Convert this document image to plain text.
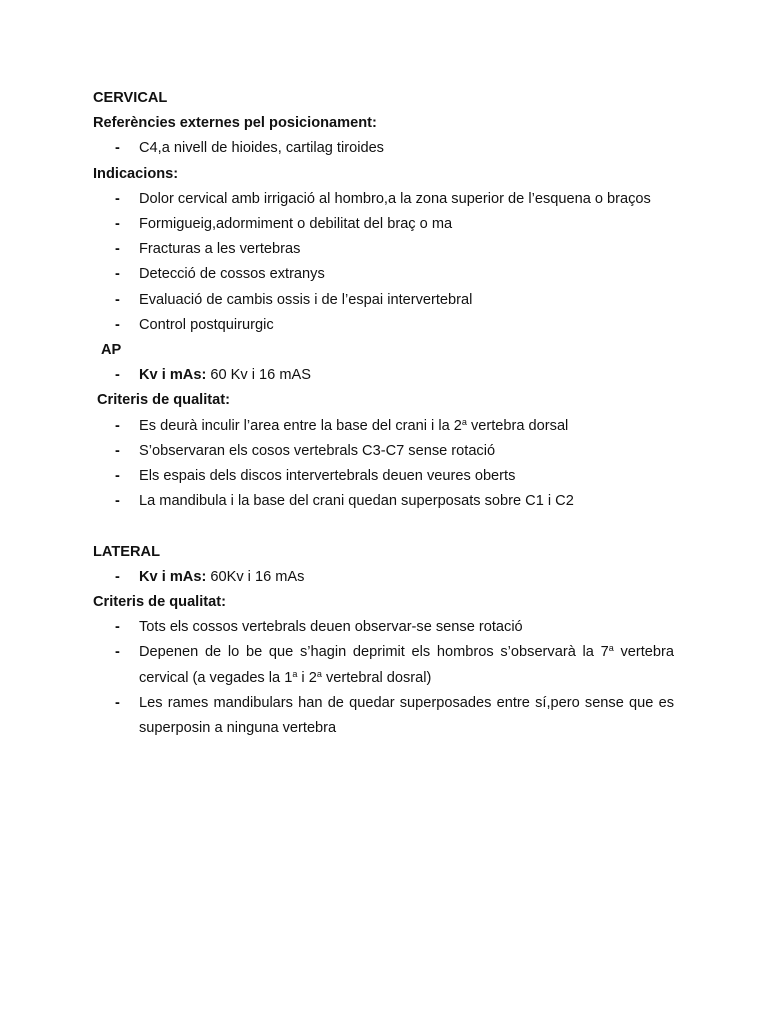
CERVICAL
Referències externes pel posicionament:
- C4,a nivell de hioides, cartilag tiroides
Indicacions:
- Dolor cervical amb irrigació al hombro,a la zona superior de l’esquena o braços
- Formigueig,adormiment o debilitat del braç o ma
- Fracturas a les vertebras
- Detecció de cossos extranys
- Evaluació de cambis ossis i de l’espai intervertebral
- Control postquirurgic
AP
- Kv i mAs: 60 Kv i 16 mAS
Criteris de qualitat:
- Es deurà inculir l’area entre la base del crani i la 2$^a$ vertebra dorsal
- S’observaran els cosos vertebrals C3-C7 sense rotació
- Els espais dels discos intervertebrals deuen veures oberts
- La mandibula i la base del crani quedan superposats sobre C1 i C2
LATERAL
- Kv i mAs: 60Kv i 16 mAs
Criteris de qualitat:
- Tots els cossos vertebrals deuen observar-se sense rotació
- Depenen de lo be que s’hagin deprimit els hombros s’observarà la 7$^a$ vertebra cervical (a vegades la 1$^a$ i 2$^a$ vertebral dosral)
- Les rames mandibulars han de quedar superposades entre sí,pero sense que es superposin a ninguna vertebra
